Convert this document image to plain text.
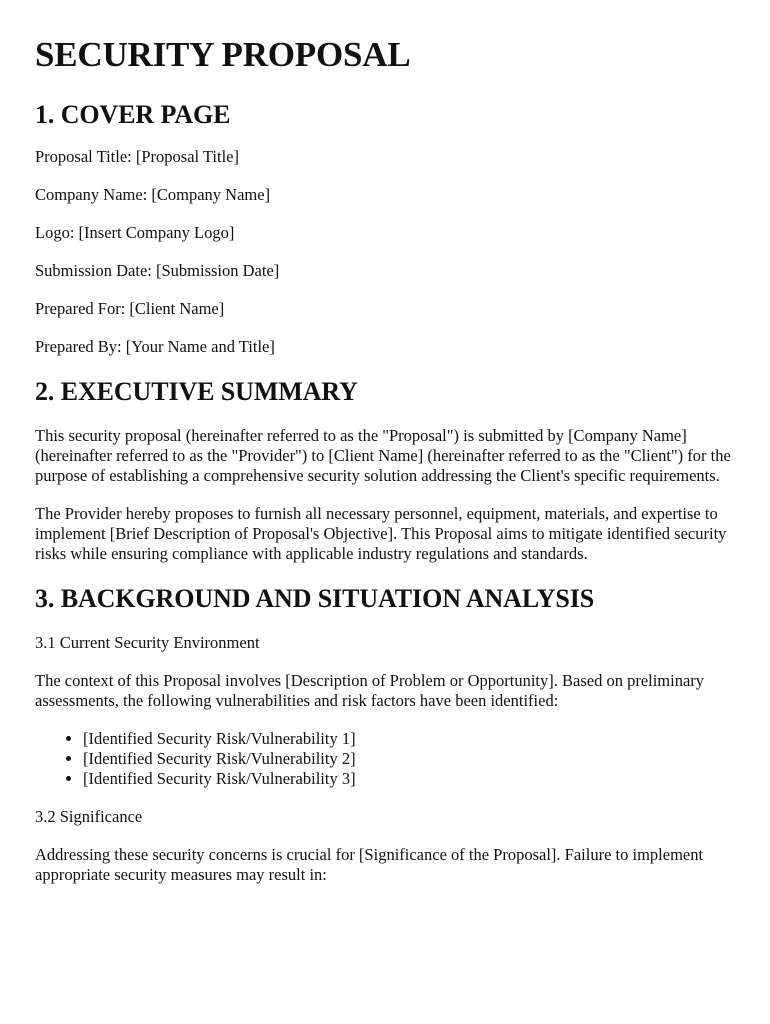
SECURITY PROPOSAL
1. COVER PAGE

Proposal Title: [Proposal Title]

Company Name: [Company Name]

Logo: [Insert Company Logo]

Submission Date: [Submission Date]

Prepared For: [Client Name]

Prepared By: [Your Name and Title]

2. EXECUTIVE SUMMARY

This security proposal (hereinafter referred to as the "Proposal") is submitted by [Company Name] (hereinafter referred to as the "Provider") to [Client Name] (hereinafter referred to as the "Client") for the purpose of establishing a comprehensive security solution addressing the Client's specific requirements.

The Provider hereby proposes to furnish all necessary personnel, equipment, materials, and expertise to implement [Brief Description of Proposal's Objective]. This Proposal aims to mitigate identified security risks while ensuring compliance with applicable industry regulations and standards.

3. BACKGROUND AND SITUATION ANALYSIS

3.1 Current Security Environment

The context of this Proposal involves [Description of Problem or Opportunity]. Based on preliminary assessments, the following vulnerabilities and risk factors have been identified:

• [Identified Security Risk/Vulnerability 1]
• [Identified Security Risk/Vulnerability 2]
• [Identified Security Risk/Vulnerability 3]

3.2 Significance

Addressing these security concerns is crucial for [Significance of the Proposal]. Failure to implement appropriate security measures may result in:
